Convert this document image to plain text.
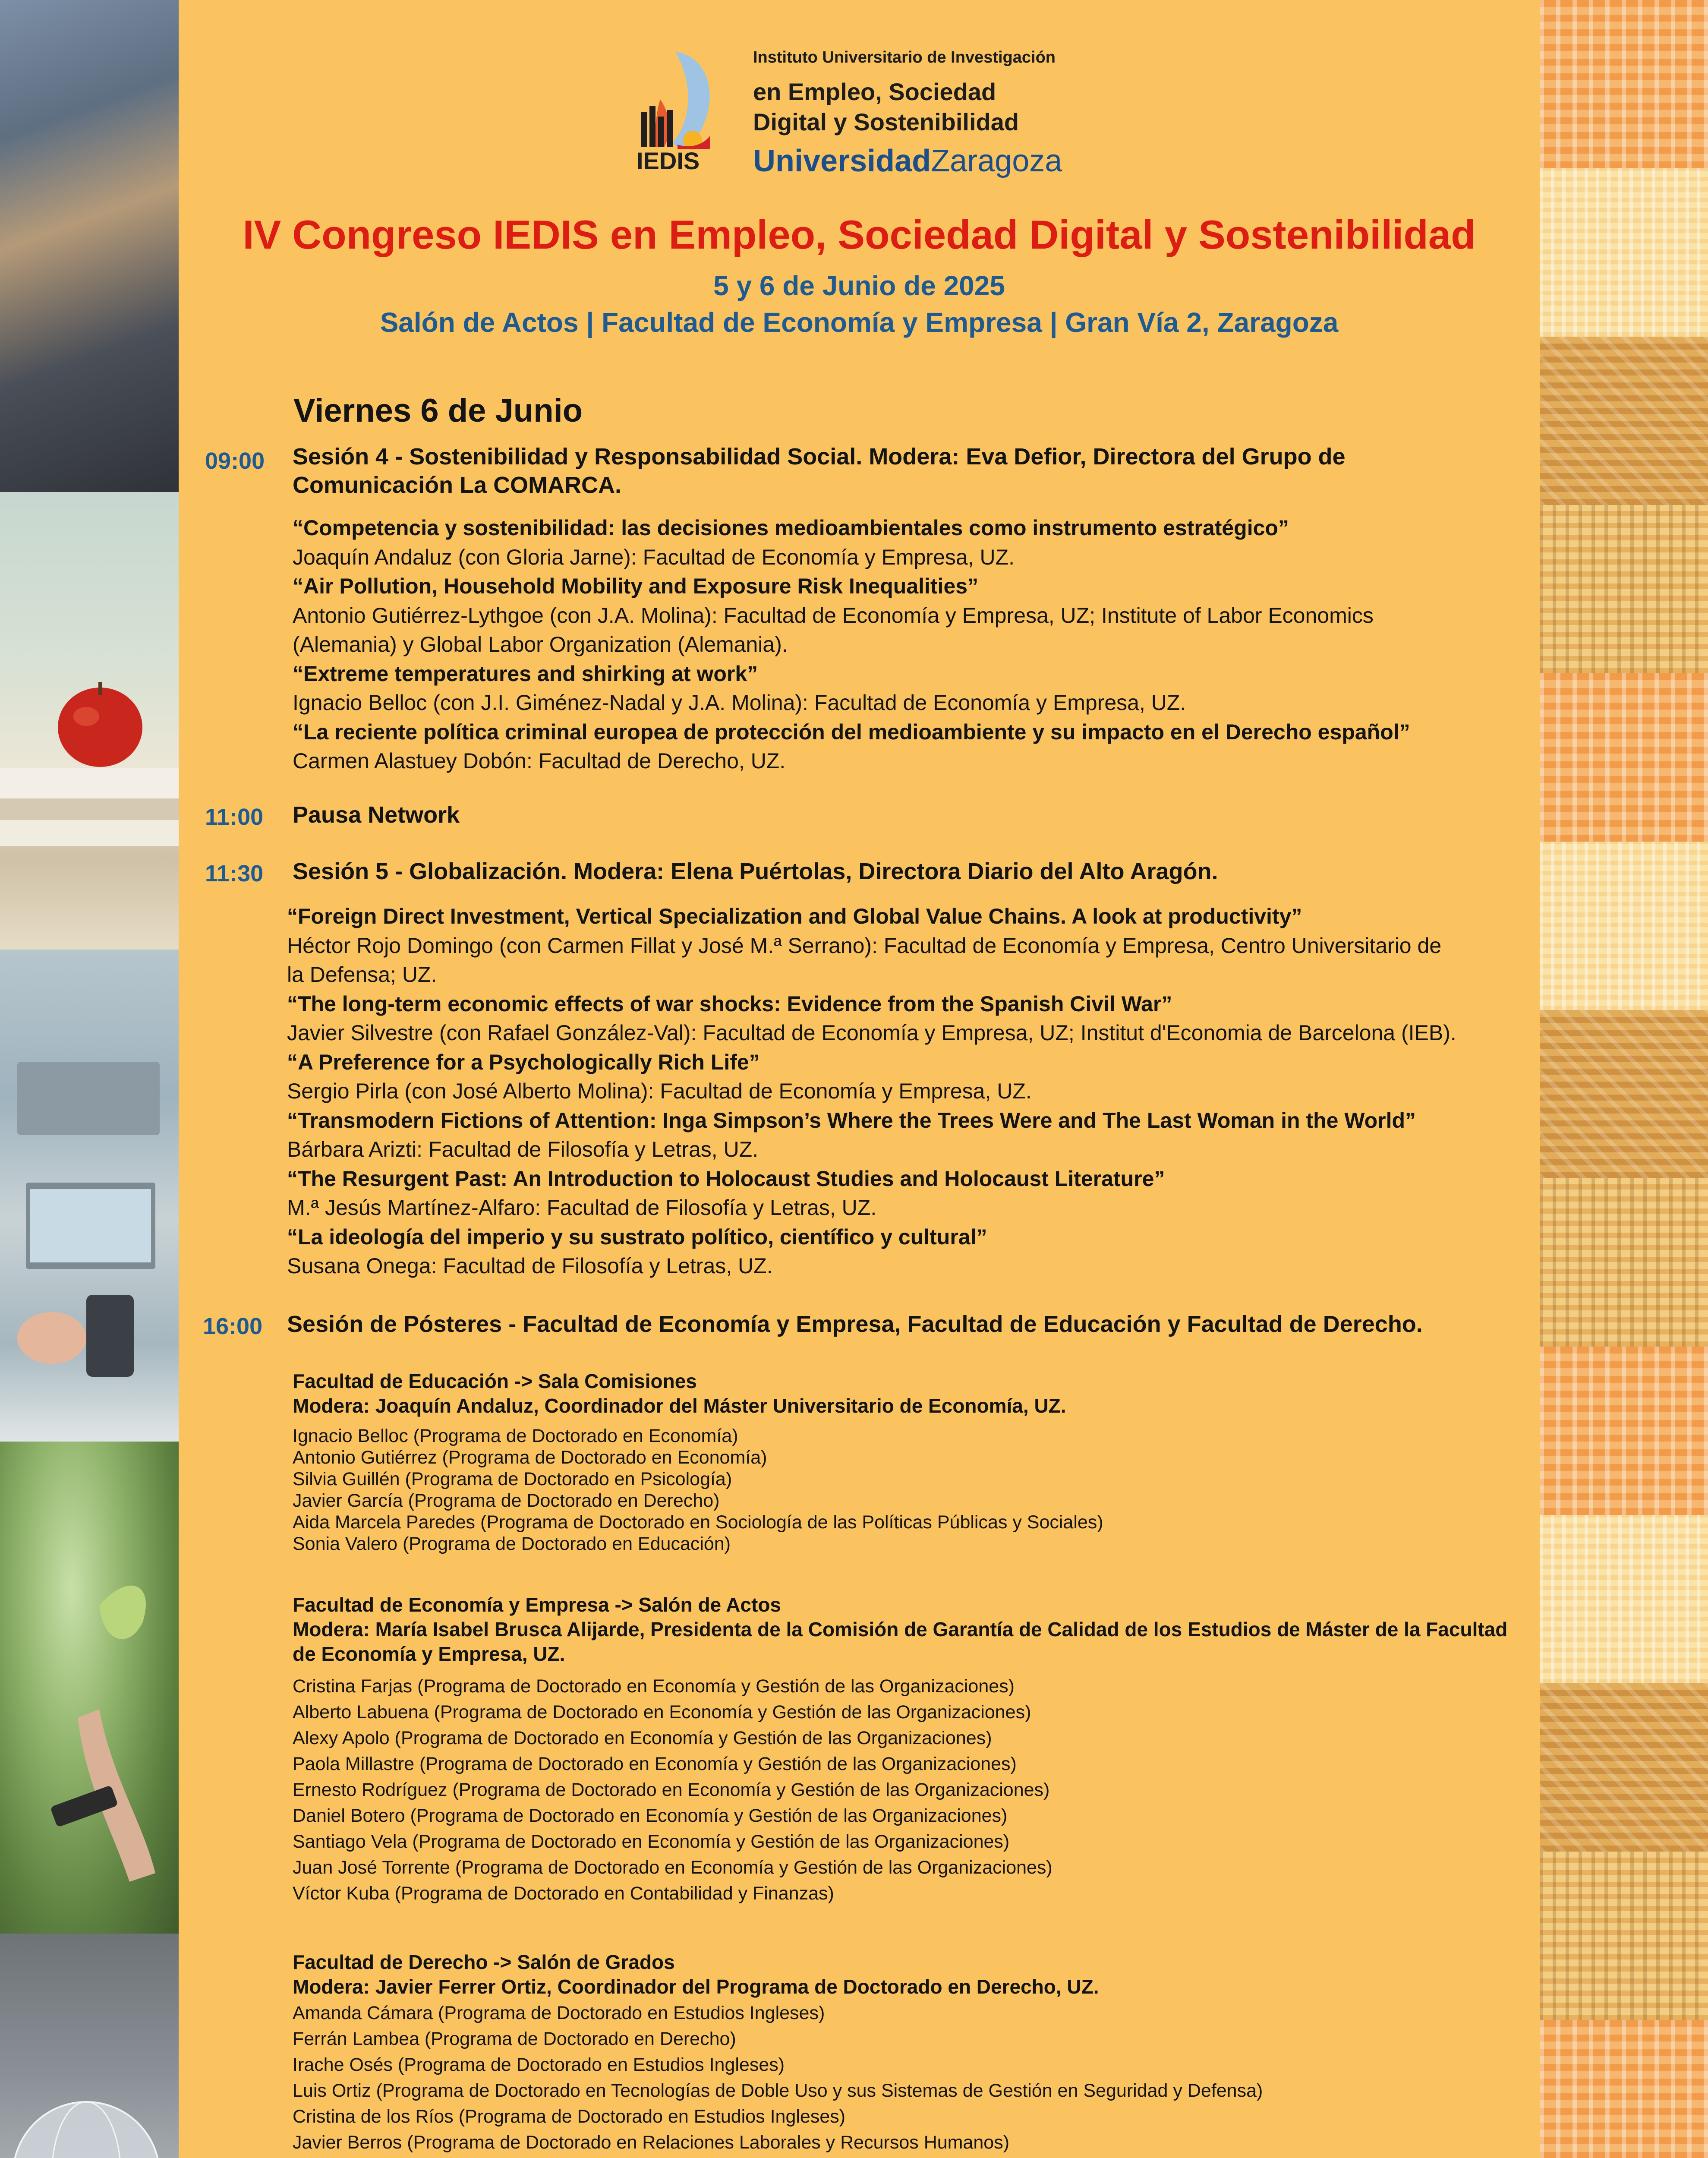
IEDIS
Instituto Universitario de Investigación
en Empleo, Sociedad
Digital y Sostenibilidad
UniversidadZaragoza
IV Congreso IEDIS en Empleo, Sociedad Digital y Sostenibilidad
5 y 6 de Junio de 2025
Salón de Actos | Facultad de Economía y Empresa | Gran Vía 2, Zaragoza
Viernes 6 de Junio
09:00 Sesión 4 - Sostenibilidad y Responsabilidad Social. Modera: Eva Defior, Directora del Grupo de Comunicación La COMARCA.
“Competencia y sostenibilidad: las decisiones medioambientales como instrumento estratégico”
Joaquín Andaluz (con Gloria Jarne): Facultad de Economía y Empresa, UZ.
“Air Pollution, Household Mobility and Exposure Risk Inequalities”
Antonio Gutiérrez-Lythgoe (con J.A. Molina): Facultad de Economía y Empresa, UZ; Institute of Labor Economics (Alemania) y Global Labor Organization (Alemania).
“Extreme temperatures and shirking at work”
Ignacio Belloc (con J.I. Giménez-Nadal y J.A. Molina): Facultad de Economía y Empresa, UZ.
“La reciente política criminal europea de protección del medioambiente y su impacto en el Derecho español”
Carmen Alastuey Dobón: Facultad de Derecho, UZ.
11:00 Pausa Network
11:30 Sesión 5 - Globalización. Modera: Elena Puértolas, Directora Diario del Alto Aragón.
“Foreign Direct Investment, Vertical Specialization and Global Value Chains. A look at productivity”
Héctor Rojo Domingo (con Carmen Fillat y José M.ª Serrano): Facultad de Economía y Empresa, Centro Universitario de la Defensa; UZ.
“The long-term economic effects of war shocks: Evidence from the Spanish Civil War”
Javier Silvestre (con Rafael González-Val): Facultad de Economía y Empresa, UZ; Institut d'Economia de Barcelona (IEB).
“A Preference for a Psychologically Rich Life”
Sergio Pirla (con José Alberto Molina): Facultad de Economía y Empresa, UZ.
“Transmodern Fictions of Attention: Inga Simpson’s Where the Trees Were and The Last Woman in the World”
Bárbara Arizti: Facultad de Filosofía y Letras, UZ.
“The Resurgent Past: An Introduction to Holocaust Studies and Holocaust Literature”
M.ª Jesús Martínez-Alfaro: Facultad de Filosofía y Letras, UZ.
“La ideología del imperio y su sustrato político, científico y cultural”
Susana Onega: Facultad de Filosofía y Letras, UZ.
16:00 Sesión de Pósteres - Facultad de Economía y Empresa, Facultad de Educación y Facultad de Derecho.
Facultad de Educación -> Sala Comisiones
Modera: Joaquín Andaluz, Coordinador del Máster Universitario de Economía, UZ.
Ignacio Belloc (Programa de Doctorado en Economía)
Antonio Gutiérrez (Programa de Doctorado en Economía)
Silvia Guillén (Programa de Doctorado en Psicología)
Javier García (Programa de Doctorado en Derecho)
Aida Marcela Paredes (Programa de Doctorado en Sociología de las Políticas Públicas y Sociales)
Sonia Valero (Programa de Doctorado en Educación)
Facultad de Economía y Empresa -> Salón de Actos
Modera: María Isabel Brusca Alijarde, Presidenta de la Comisión de Garantía de Calidad de los Estudios de Máster de la Facultad de Economía y Empresa, UZ.
Cristina Farjas (Programa de Doctorado en Economía y Gestión de las Organizaciones)
Alberto Labuena (Programa de Doctorado en Economía y Gestión de las Organizaciones)
Alexy Apolo (Programa de Doctorado en Economía y Gestión de las Organizaciones)
Paola Millastre (Programa de Doctorado en Economía y Gestión de las Organizaciones)
Ernesto Rodríguez (Programa de Doctorado en Economía y Gestión de las Organizaciones)
Daniel Botero (Programa de Doctorado en Economía y Gestión de las Organizaciones)
Santiago Vela (Programa de Doctorado en Economía y Gestión de las Organizaciones)
Juan José Torrente (Programa de Doctorado en Economía y Gestión de las Organizaciones)
Víctor Kuba (Programa de Doctorado en Contabilidad y Finanzas)
Facultad de Derecho -> Salón de Grados
Modera: Javier Ferrer Ortiz, Coordinador del Programa de Doctorado en Derecho, UZ.
Amanda Cámara (Programa de Doctorado en Estudios Ingleses)
Ferrán Lambea (Programa de Doctorado en Derecho)
Irache Osés (Programa de Doctorado en Estudios Ingleses)
Luis Ortiz (Programa de Doctorado en Tecnologías de Doble Uso y sus Sistemas de Gestión en Seguridad y Defensa)
Cristina de los Ríos (Programa de Doctorado en Estudios Ingleses)
Javier Berros (Programa de Doctorado en Relaciones Laborales y Recursos Humanos)
